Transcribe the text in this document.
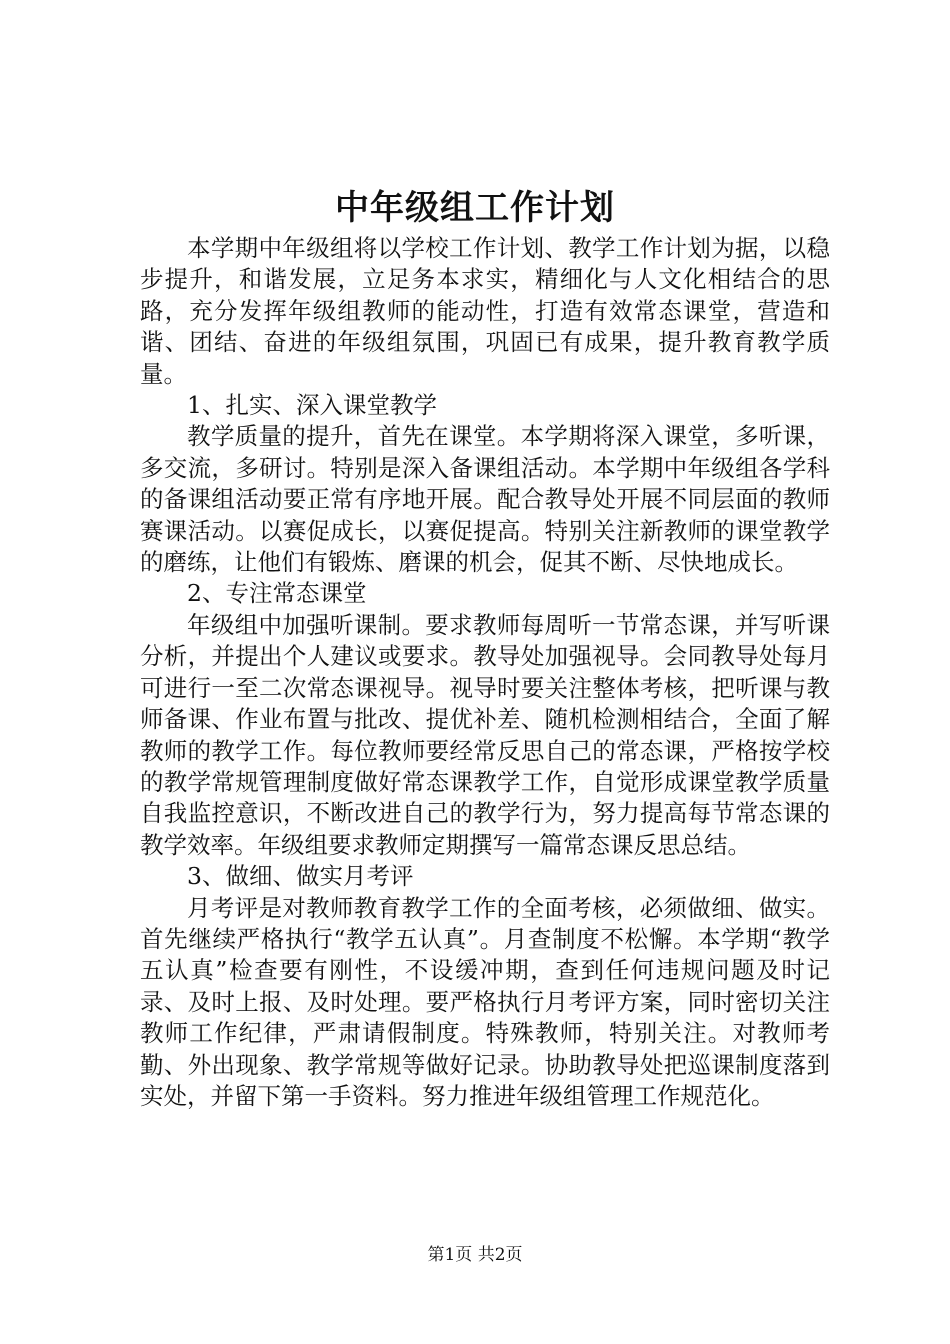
中年级组工作计划

本学期中年级组将以学校工作计划、教学工作计划为据，以稳步提升，和谐发展，立足务本求实，精细化与人文化相结合的思路，充分发挥年级组教师的能动性，打造有效常态课堂，营造和谐、团结、奋进的年级组氛围，巩固已有成果，提升教育教学质量。

1、扎实、深入课堂教学

教学质量的提升，首先在课堂。本学期将深入课堂，多听课，多交流，多研讨。特别是深入备课组活动。本学期中年级组各学科的备课组活动要正常有序地开展。配合教导处开展不同层面的教师赛课活动。以赛促成长，以赛促提高。特别关注新教师的课堂教学的磨练，让他们有锻炼、磨课的机会，促其不断、尽快地成长。

2、专注常态课堂

年级组中加强听课制。要求教师每周听一节常态课，并写听课分析，并提出个人建议或要求。教导处加强视导。会同教导处每月可进行一至二次常态课视导。视导时要关注整体考核，把听课与教师备课、作业布置与批改、提优补差、随机检测相结合，全面了解教师的教学工作。每位教师要经常反思自己的常态课，严格按学校的教学常规管理制度做好常态课教学工作，自觉形成课堂教学质量自我监控意识，不断改进自己的教学行为，努力提高每节常态课的教学效率。年级组要求教师定期撰写一篇常态课反思总结。

3、做细、做实月考评

月考评是对教师教育教学工作的全面考核，必须做细、做实。首先继续严格执行“教学五认真”。月查制度不松懈。本学期“教学五认真”检查要有刚性，不设缓冲期，查到任何违规问题及时记录、及时上报、及时处理。要严格执行月考评方案，同时密切关注教师工作纪律，严肃请假制度。特殊教师，特别关注。对教师考勤、外出现象、教学常规等做好记录。协助教导处把巡课制度落到实处，并留下第一手资料。努力推进年级组管理工作规范化。

第1页 共2页
